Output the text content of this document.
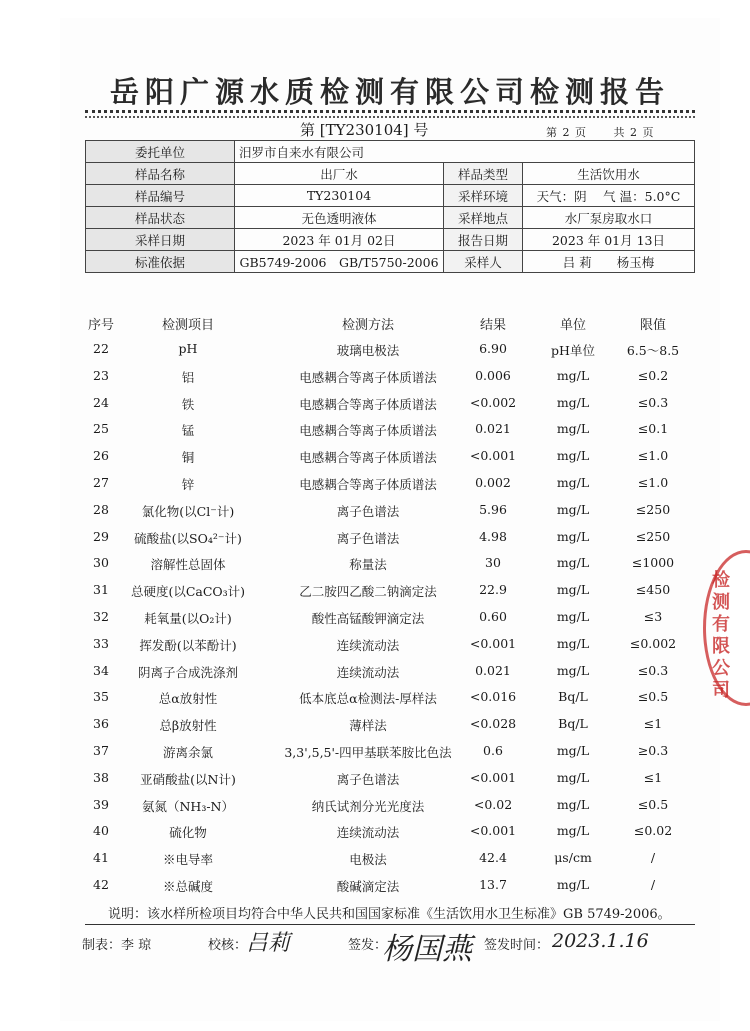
岳阳广源水质检测有限公司检测报告
第 [TY230104] 号	第 2 页 共 2 页
委托单位	汨罗市自来水有限公司		
样品名称	出厂水	样品类型	生活饮用水
样品编号	TY230104	采样环境	天气：阴　 气 温：5.0°C
样品状态	无色透明液体	采样地点	水厂泵房取水口
采样日期	2023 年 01月 02日	报告日期	2023 年 01月 13日
标准依据	GB5749-2006　GB/T5750-2006	采样人	吕 莉　　杨玉梅
序号	检测项目	检测方法	结果	单位	限值
22	pH	玻璃电极法	6.90	pH单位	6.5～8.5
23	铝	电感耦合等离子体质谱法	0.006	mg/L	≤0.2
24	铁	电感耦合等离子体质谱法	<0.002	mg/L	≤0.3
25	锰	电感耦合等离子体质谱法	0.021	mg/L	≤0.1
26	铜	电感耦合等离子体质谱法	<0.001	mg/L	≤1.0
27	锌	电感耦合等离子体质谱法	0.002	mg/L	≤1.0
28	氯化物(以Cl⁻计)	离子色谱法	5.96	mg/L	≤250
29	硫酸盐(以SO₄²⁻计)	离子色谱法	4.98	mg/L	≤250
30	溶解性总固体	称量法	30	mg/L	≤1000
31	总硬度(以CaCO₃计)	乙二胺四乙酸二钠滴定法	22.9	mg/L	≤450
32	耗氧量(以O₂计)	酸性高锰酸钾滴定法	0.60	mg/L	≤3
33	挥发酚(以苯酚计)	连续流动法	<0.001	mg/L	≤0.002
34	阴离子合成洗涤剂	连续流动法	0.021	mg/L	≤0.3
35	总α放射性	低本底总α检测法-厚样法	<0.016	Bq/L	≤0.5
36	总β放射性	薄样法	<0.028	Bq/L	≤1
37	游离余氯	3,3',5,5'-四甲基联苯胺比色法	0.6	mg/L	≥0.3
38	亚硝酸盐(以N计)	离子色谱法	<0.001	mg/L	≤1
39	氨氮（NH₃-N）	纳氏试剂分光光度法	<0.02	mg/L	≤0.5
40	硫化物	连续流动法	<0.001	mg/L	≤0.02
41	※电导率	电极法	42.4	μs/cm	/
42	※总碱度	酸碱滴定法	13.7	mg/L	/
说明：该水样所检项目均符合中华人民共和国国家标准《生活饮用水卫生标准》GB 5749-2006。
制表：李 琼	校核：
吕莉	签发：
杨国燕 签发时间： 2023.1.16
检测有限公司
